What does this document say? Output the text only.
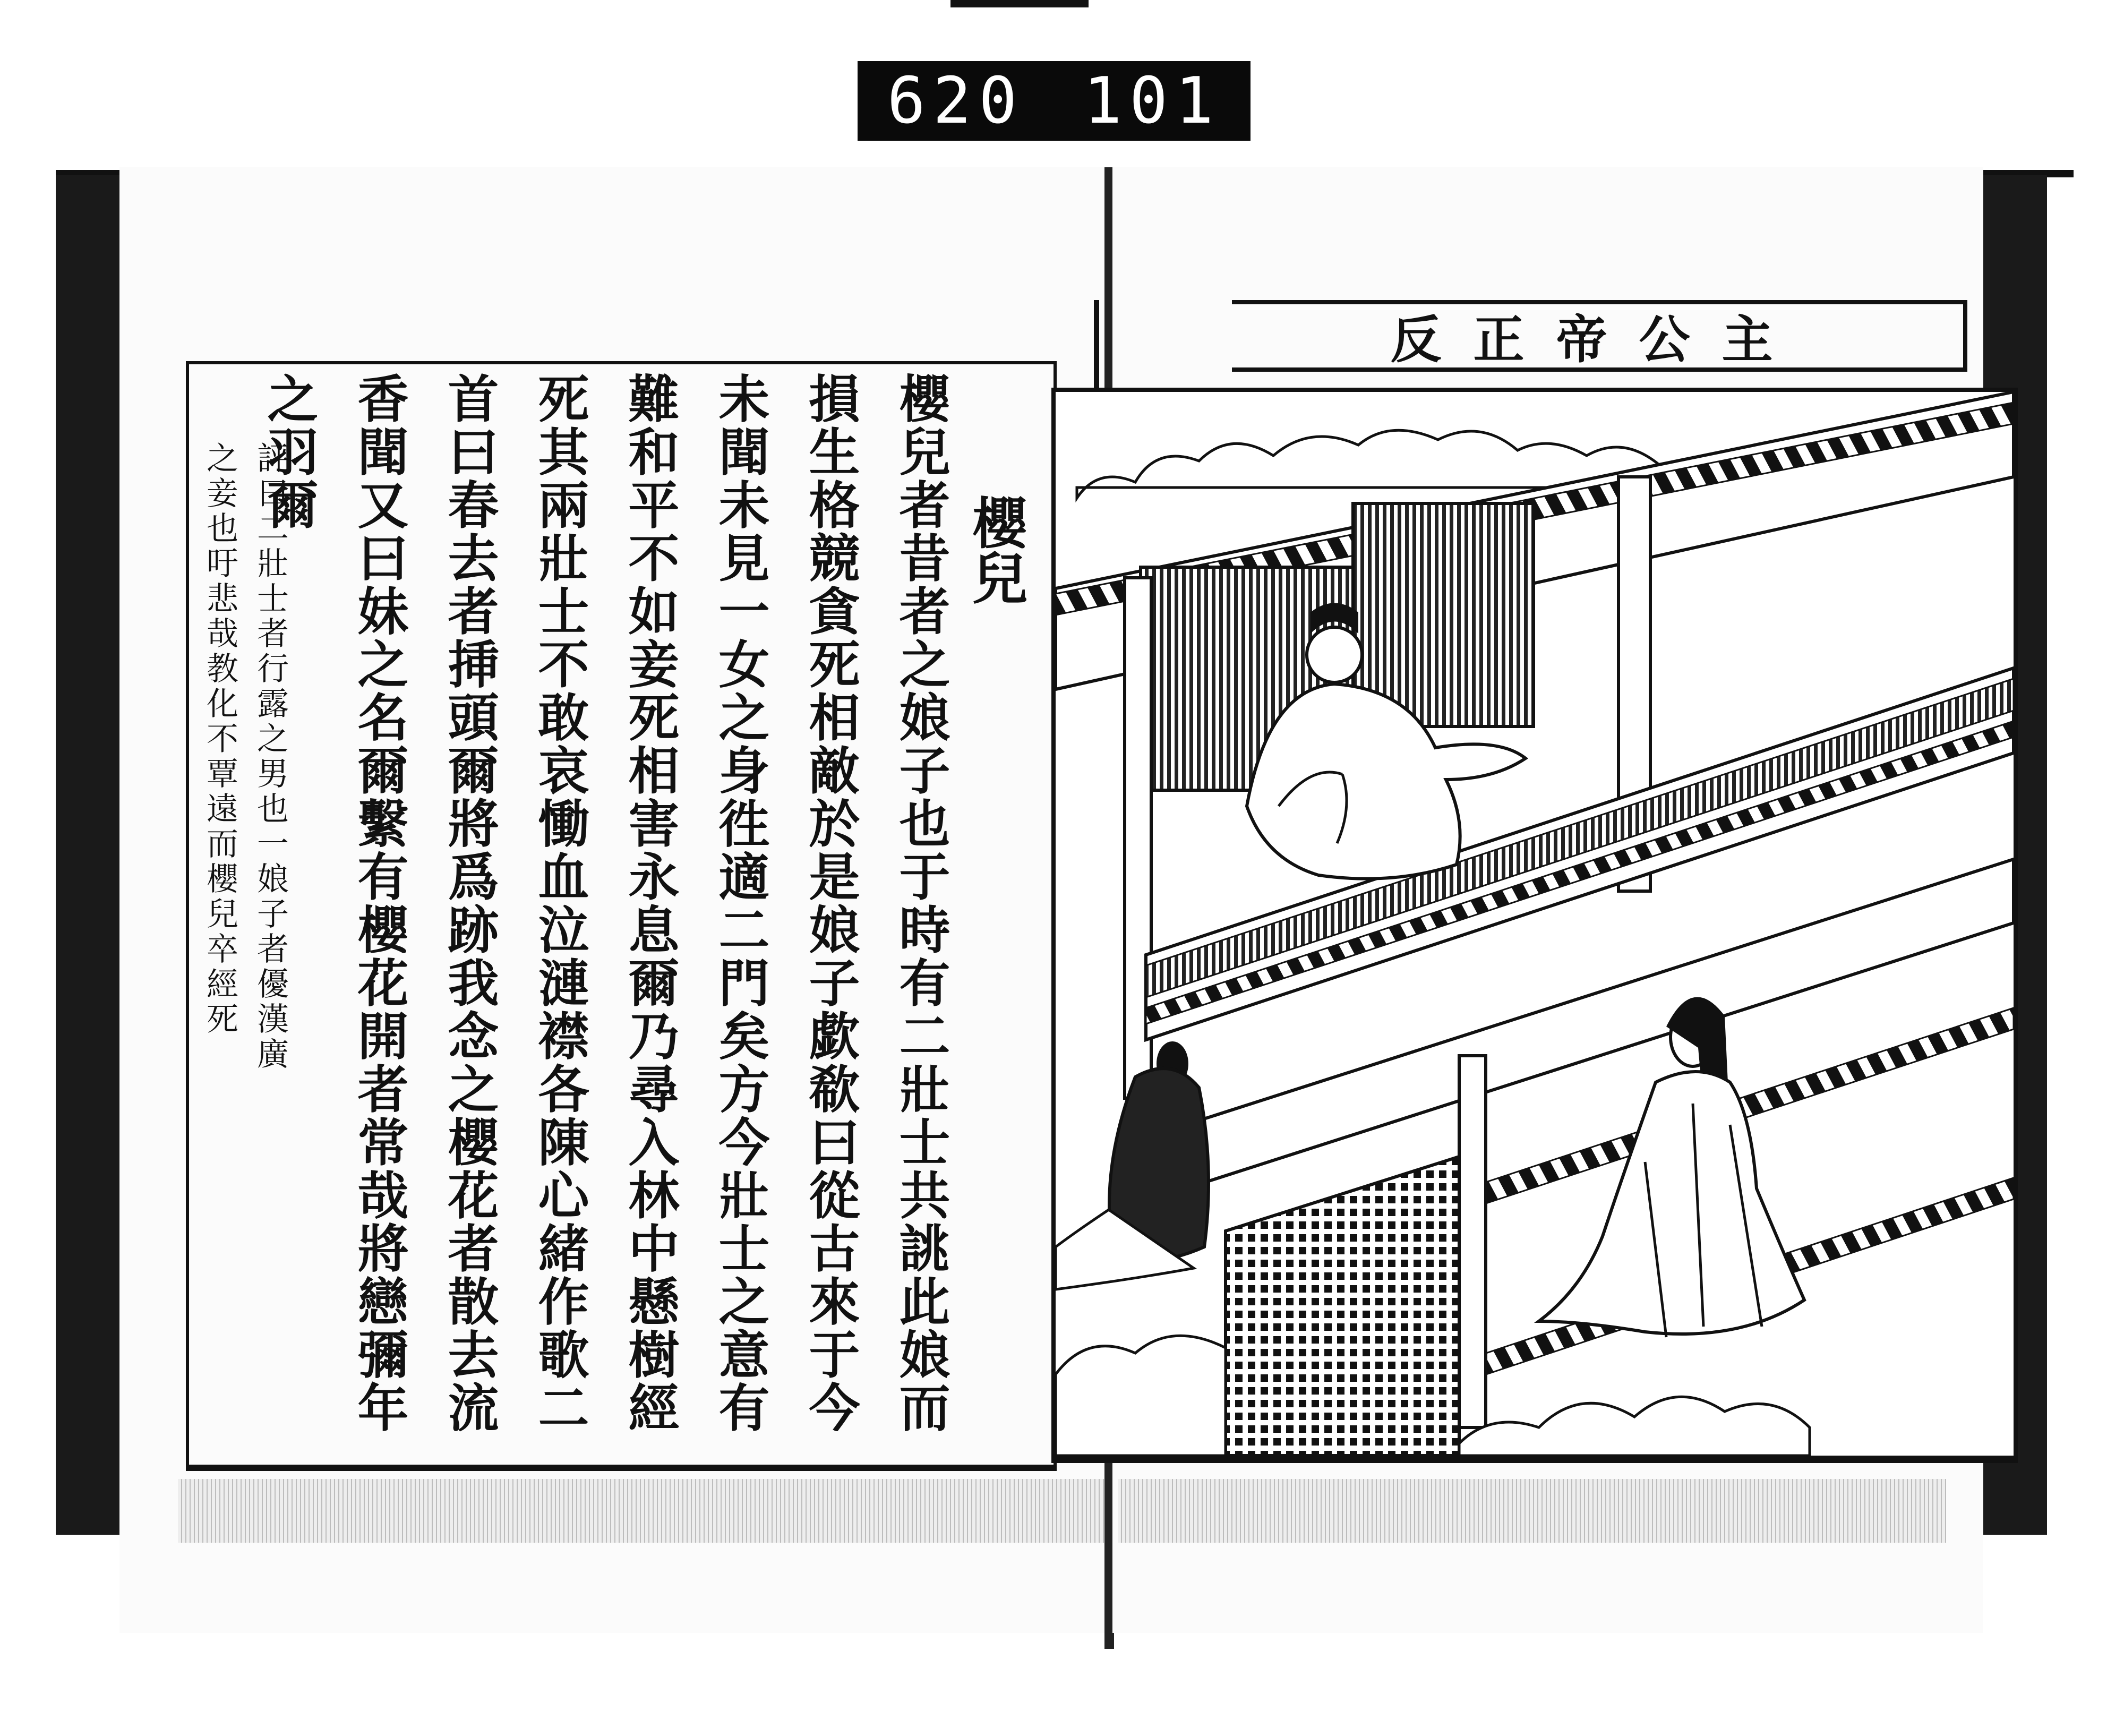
620 101
櫻兒
櫻兒者昔者之娘子也于時有二壯士共誂此娘而
損生格競貪死相敵於是娘子歔欷曰從古來于今
未聞未見一女之身徃適二門矣方今壯士之意有
難和平不如妾死相害永息爾乃尋入林中懸樹經
死其兩壯士不敢哀慟血泣漣襟各陳心緒作歌二
首曰春去者挿頭爾將爲跡我念之櫻花者散去流
香聞又曰妹之名爾繫有櫻花開者常哉將戀彌年
之羽爾
評曰二壯士者行露之男也一娘子者優漢廣
之妾也吁悲哉教化不覃遠而櫻兒卒經死
反正帝公主
